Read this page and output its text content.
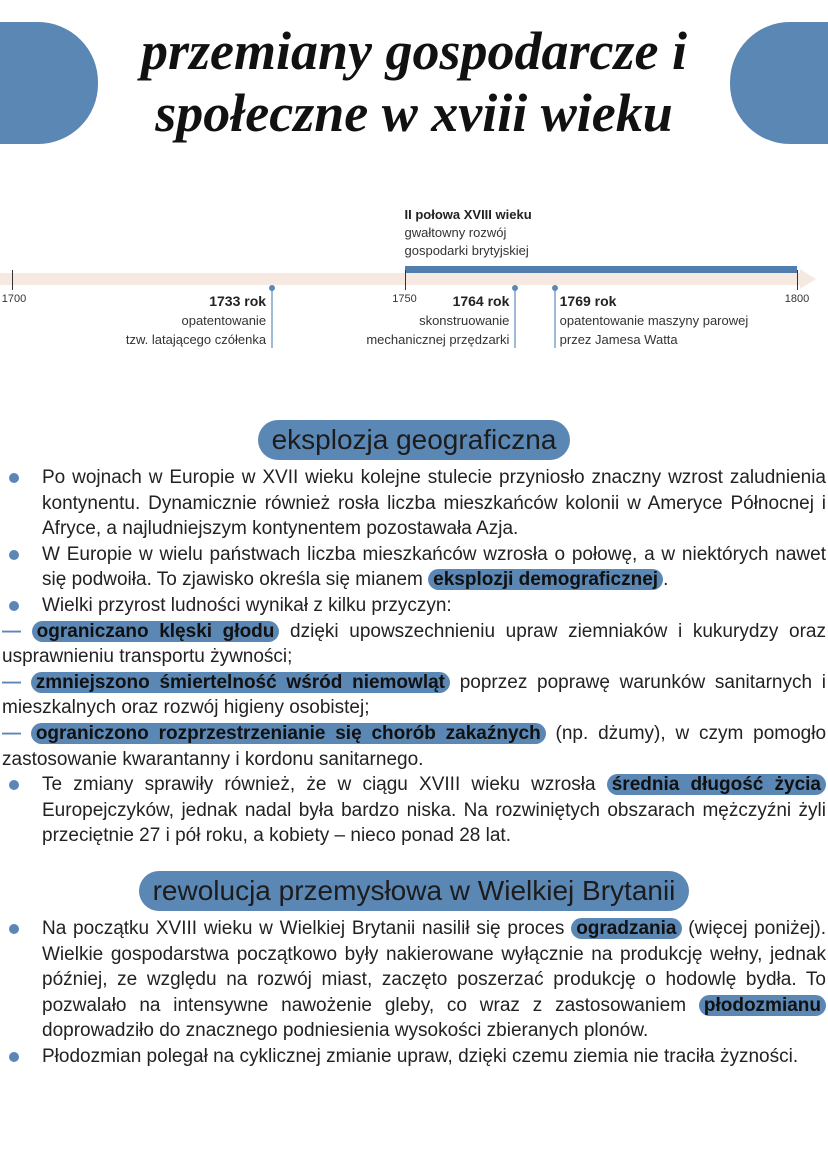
przemiany gospodarcze i społeczne w xviii wieku
II połowa XVIII wieku
gwałtowny rozwój
gospodarki brytyjskiej
1700	1750	1800
1733 rok
opatentowanie
tzw. latającego czółenka
1764 rok
skonstruowanie
mechanicznej przędzarki
1769 rok
opatentowanie maszyny parowej
przez Jamesa Watta
eksplozja geograficzna
Po wojnach w Europie w XVII wieku kolejne stulecie przyniosło znaczny wzrost zaludnienia kontynentu. Dynamicznie również rosła liczba mieszkańców kolonii w Ameryce Północnej i Afryce, a najludniejszym kontynentem pozostawała Azja.
W Europie w wielu państwach liczba mieszkańców wzrosła o połowę, a w niektórych nawet się podwoiła. To zjawisko określa się mianem eksplozji demograficznej .
Wielki przyrost ludności wynikał z kilku przyczyn:
— ograniczano klęski głodu dzięki upowszechnieniu upraw ziemniaków i kukurydzy oraz usprawnieniu transportu żywności;
— zmniejszono śmiertelność wśród niemowląt poprzez poprawę warunków sanitarnych i mieszkalnych oraz rozwój higieny osobistej;
— ograniczono rozprzestrzenianie się chorób zakaźnych (np. dżumy), w czym pomogło zastosowanie kwarantanny i kordonu sanitarnego.
Te zmiany sprawiły również, że w ciągu XVIII wieku wzrosła średnia długość życia Europejczyków, jednak nadal była bardzo niska. Na rozwiniętych obszarach mężczyźni żyli przeciętnie 27 i pół roku, a kobiety – nieco ponad 28 lat.
rewolucja przemysłowa w Wielkiej Brytanii
Na początku XVIII wieku w Wielkiej Brytanii nasilił się proces ogradzania (więcej poniżej). Wielkie gospodarstwa początkowo były nakierowane wyłącznie na produkcję wełny, jednak później, ze względu na rozwój miast, zaczęto poszerzać produkcję o hodowlę bydła. To pozwalało na intensywne nawożenie gleby, co wraz z zastosowaniem płodozmianu doprowadziło do znacznego podniesienia wysokości zbieranych plonów.
Płodozmian polegał na cyklicznej zmianie upraw, dzięki czemu ziemia nie traciła żyzności.
